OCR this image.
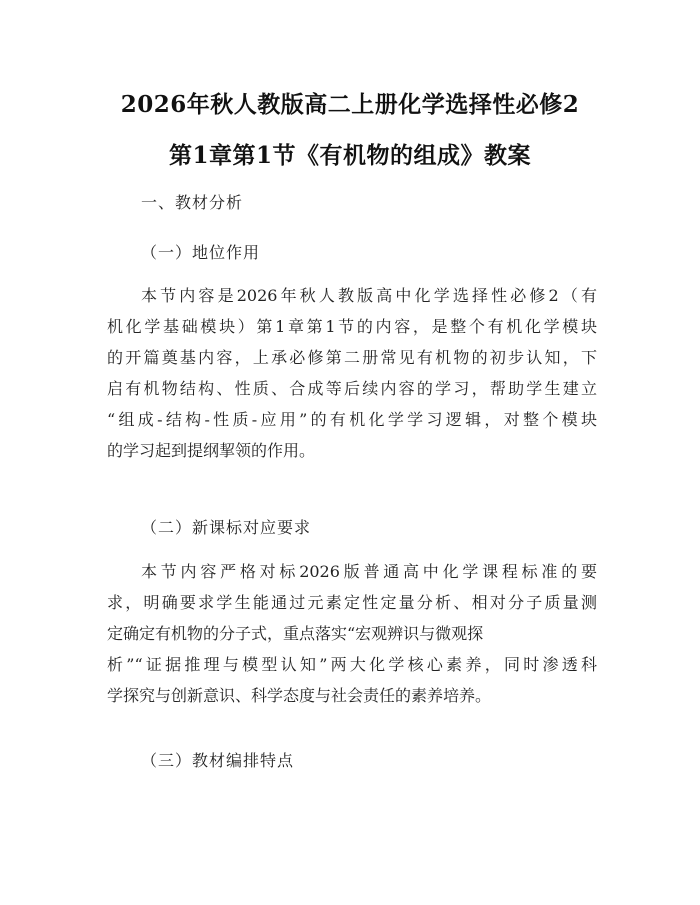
2026年秋人教版高二上册化学选择性必修2
第1章第1节《有机物的组成》教案
一、教材分析
（一）地位作用
本节内容是2026年秋人教版高中化学选择性必修2（有
机化学基础模块）第1章第1节的内容，是整个有机化学模块
的开篇奠基内容，上承必修第二册常见有机物的初步认知，下
启有机物结构、性质、合成等后续内容的学习，帮助学生建立
“组成-结构-性质-应用”的有机化学学习逻辑，对整个模块
的学习起到提纲挈领的作用。
（二）新课标对应要求
本节内容严格对标2026版普通高中化学课程标准的要
求，明确要求学生能通过元素定性定量分析、相对分子质量测
定确定有机物的分子式，重点落实“宏观辨识与微观探
析”“证据推理与模型认知”两大化学核心素养，同时渗透科
学探究与创新意识、科学态度与社会责任的素养培养。
（三）教材编排特点
